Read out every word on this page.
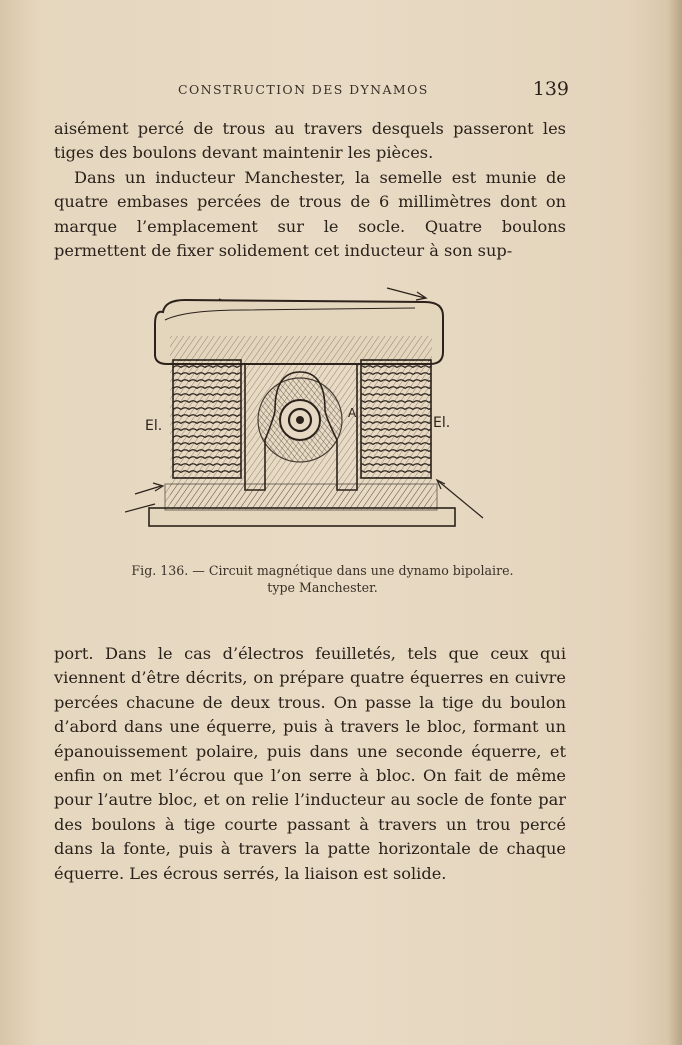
CONSTRUCTION DES DYNAMOS	139

aisément percé de trous au travers desquels passeront les tiges des boulons devant maintenir les pièces.
Dans un inducteur Manchester, la semelle est munie de quatre embases percées de trous de 6 millimètres dont on marque l’emplacement sur le socle. Quatre boulons permettent de fixer solidement cet inducteur à son sup-

El.	El.
A
Fig. 136. — Circuit magnétique dans une dynamo bipolaire.
type Manchester.

port. Dans le cas d’électros feuilletés, tels que ceux qui viennent d’être décrits, on prépare quatre équerres en cuivre percées chacune de deux trous. On passe la tige du boulon d’abord dans une équerre, puis à travers le bloc, formant un épanouissement polaire, puis dans une seconde équerre, et enfin on met l’écrou que l’on serre à bloc. On fait de même pour l’autre bloc, et on relie l’inducteur au socle de fonte par des boulons à tige courte passant à travers un trou percé dans la fonte, puis à travers la patte horizontale de chaque équerre. Les écrous serrés, la liaison est solide.
